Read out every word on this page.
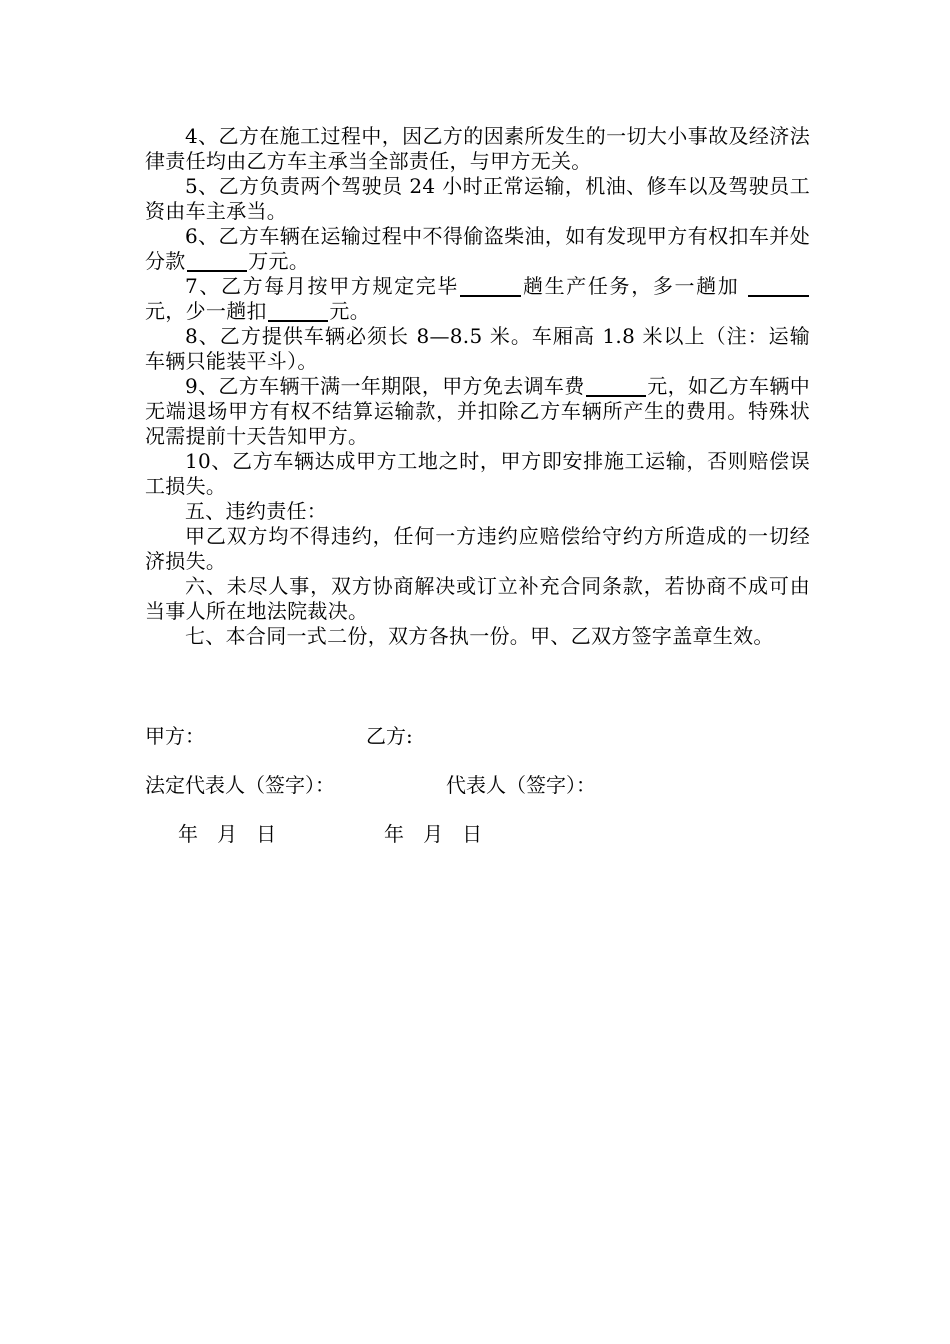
4、乙方在施工过程中，因乙方的因素所发生的一切大小事故及经济法律责任均由乙方车主承当全部责任，与甲方无关。

5、乙方负责两个驾驶员 24 小时正常运输，机油、修车以及驾驶员工资由车主承当。

6、乙方车辆在运输过程中不得偷盗柴油，如有发现甲方有权扣车并处分款	万元。

7、乙方每月按甲方规定完毕	趟生产任务，多一趟加 元，少一趟扣	元。

8、乙方提供车辆必须长 8—8.5 米。车厢高 1.8 米以上（注：运输车辆只能装平斗）。

9、乙方车辆干满一年期限，甲方免去调车费	元，如乙方车辆中无端退场甲方有权不结算运输款，并扣除乙方车辆所产生的费用。特殊状况需提前十天告知甲方。

10、乙方车辆达成甲方工地之时，甲方即安排施工运输，否则赔偿误工损失。

五、违约责任：

甲乙双方均不得违约，任何一方违约应赔偿给守约方所造成的一切经济损失。

六、未尽人事，双方协商解决或订立补充合同条款，若协商不成可由当事人所在地法院裁决。

七、本合同一式二份，双方各执一份。甲、乙双方签字盖章生效。

甲方：	乙方:
法定代表人（签字）：	代表人（签字）：
年   月   日	年   月   日
